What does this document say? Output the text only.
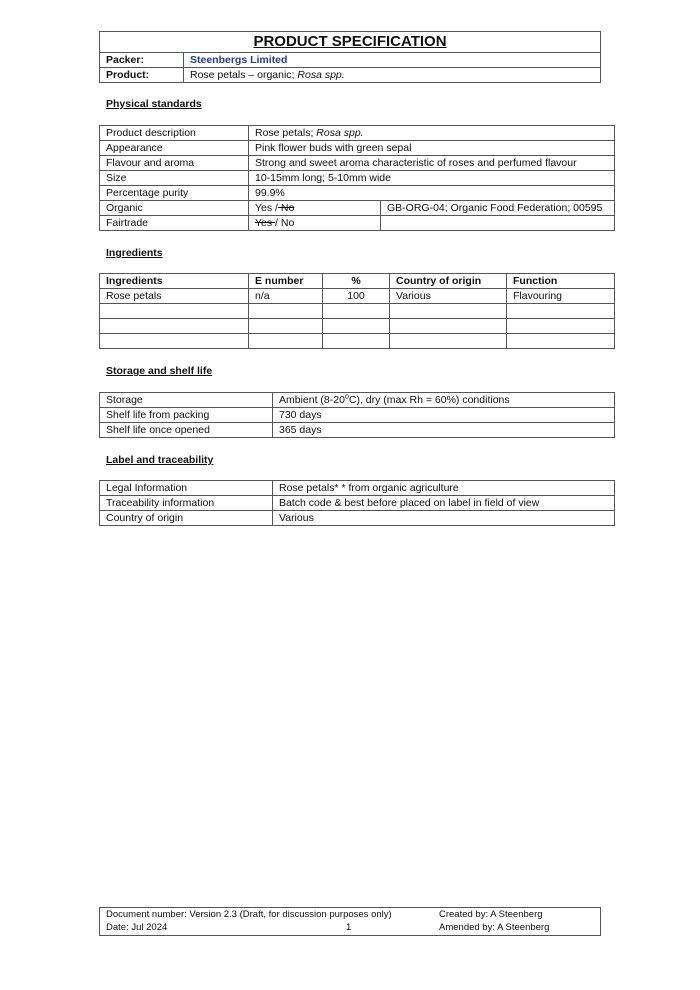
PRODUCT SPECIFICATION	
Packer:	Steenbergs Limited
Product:	Rose petals – organic; Rosa spp.
Physical standards
Product description	Rose petals; Rosa spp.	
Appearance	Pink flower buds with green sepal	
Flavour and aroma	Strong and sweet aroma characteristic of roses and perfumed flavour	
Size	10-15mm long; 5-10mm wide	
Percentage purity	99.9%	
Organic	Yes / No	GB-ORG-04; Organic Food Federation; 00595
Fairtrade	Yes / No	
Ingredients
Ingredients	E number	%	Country of origin	Function
Rose petals	n/a	100	Various	Flavouring

Storage and shelf life
Storage	Ambient (8-20$^o$C), dry (max Rh = 60%) conditions
Shelf life from packing	730 days
Shelf life once opened	365 days
Label and traceability
Legal Information	Rose petals* * from organic agriculture
Traceability information	Batch code & best before placed on label in field of view
Country of origin	Various
Document number: Version 2.3 (Draft, for discussion purposes only)	Created by: A Steenberg
Date: Jul 2024	1	Amended by: A Steenberg
